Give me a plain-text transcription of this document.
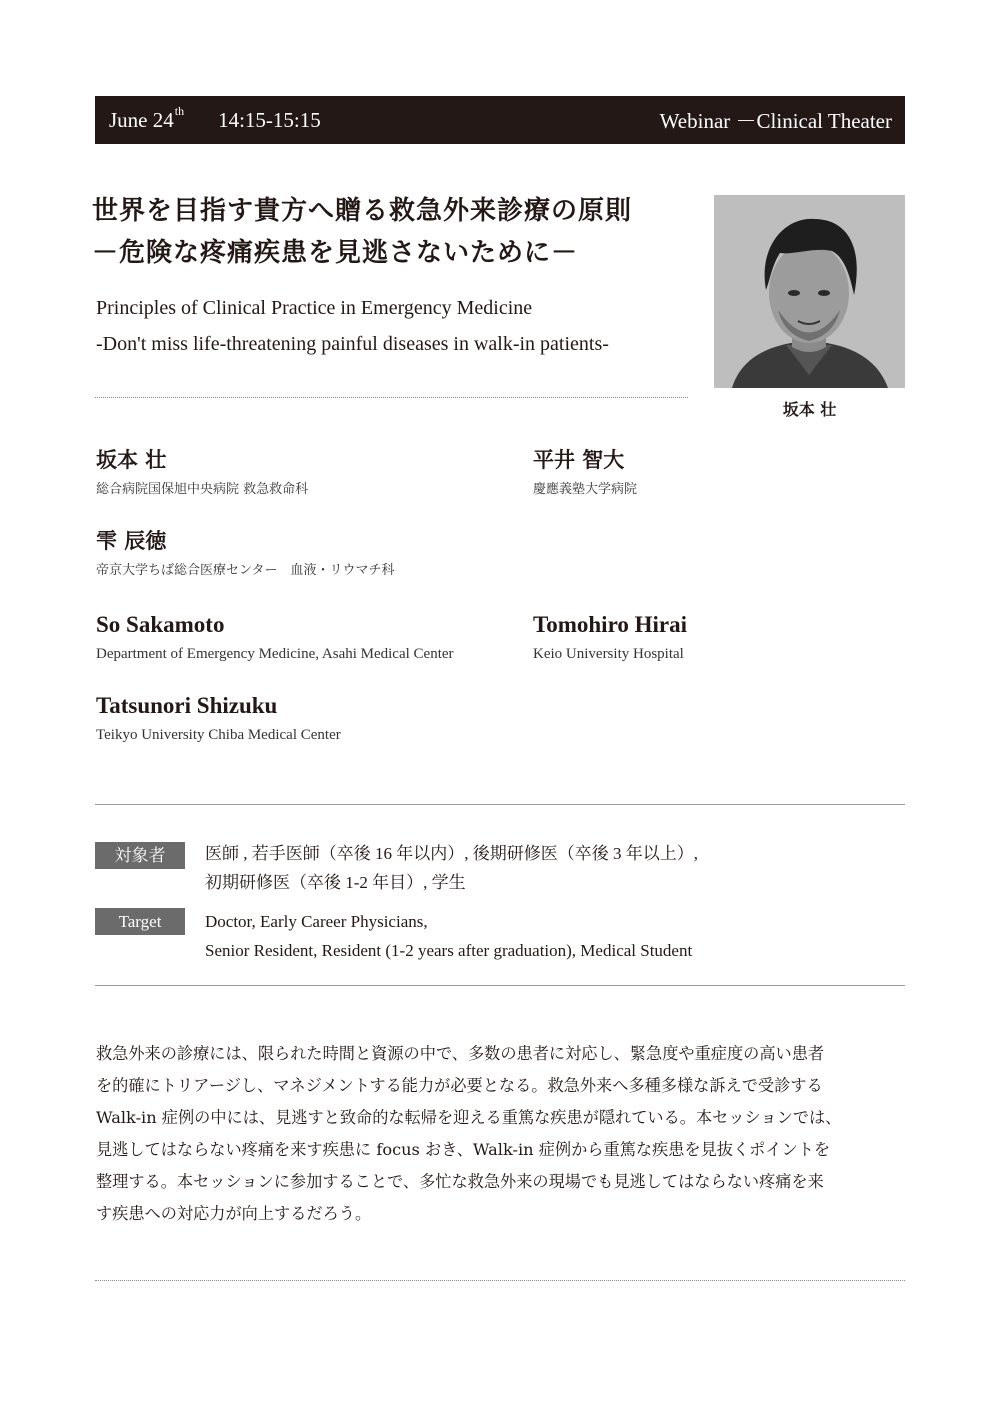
June 24th 14:15-15:15	Webinar －Clinical Theater
世界を目指す貴方へ贈る救急外来診療の原則
－危険な疼痛疾患を見逃さないために－
Principles of Clinical Practice in Emergency Medicine
-Don't miss life-threatening painful diseases in walk-in patients-
坂本 壮
坂本 壮
総合病院国保旭中央病院 救急救命科
平井 智大
慶應義塾大学病院
雫 辰徳
帝京大学ちば総合医療センター　血液・リウマチ科
So Sakamoto
Department of Emergency Medicine, Asahi Medical Center
Tomohiro Hirai
Keio University Hospital
Tatsunori Shizuku
Teikyo University Chiba Medical Center
対象者	医師 , 若手医師（卒後 16 年以内）, 後期研修医（卒後 3 年以上）,
初期研修医（卒後 1-2 年目）, 学生
Target	Doctor, Early Career Physicians,
Senior Resident, Resident (1-2 years after graduation), Medical Student
救急外来の診療には、限られた時間と資源の中で、多数の患者に対応し、緊急度や重症度の高い患者
を的確にトリアージし、マネジメントする能力が必要となる。救急外来へ多種多様な訴えで受診する
Walk-in 症例の中には、見逃すと致命的な転帰を迎える重篤な疾患が隠れている。本セッションでは、
見逃してはならない疼痛を来す疾患に focus おき、Walk-in 症例から重篤な疾患を見抜くポイントを
整理する。本セッションに参加することで、多忙な救急外来の現場でも見逃してはならない疼痛を来
す疾患への対応力が向上するだろう。
